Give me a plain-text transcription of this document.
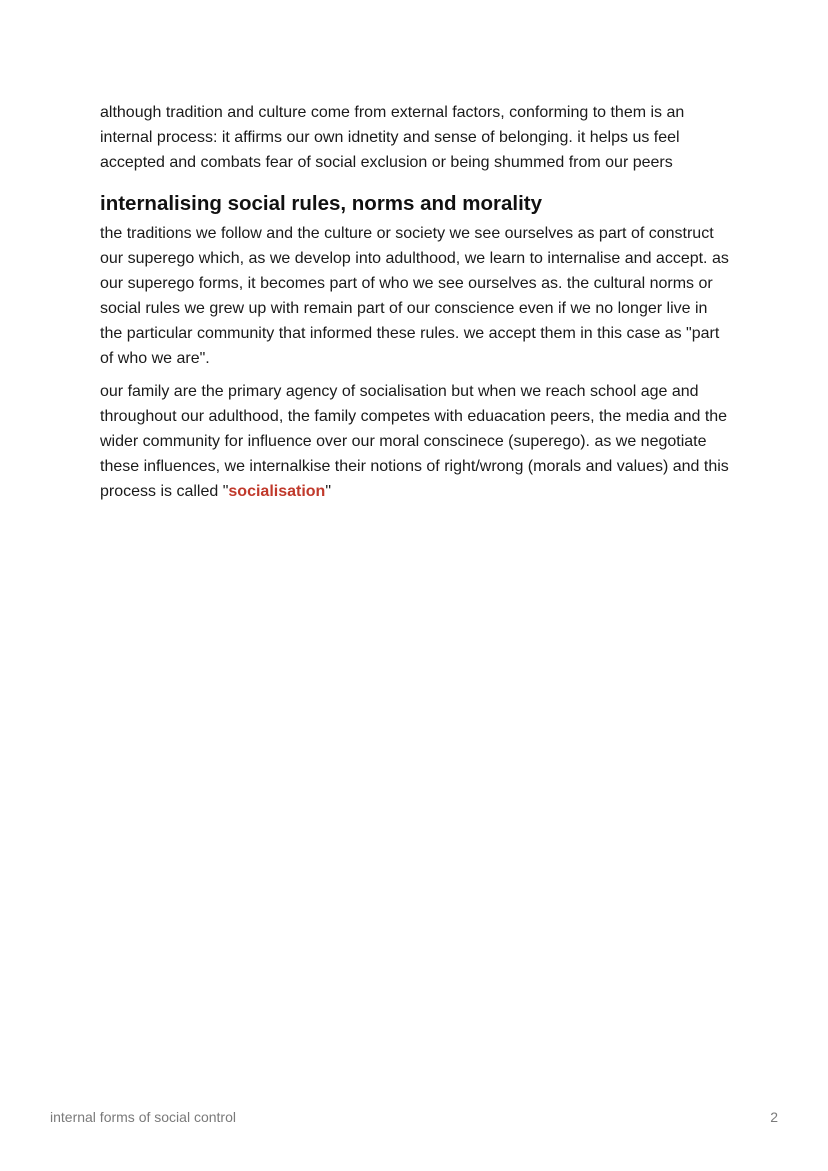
although tradition and culture come from external factors, conforming to them is an internal process: it affirms our own idnetity and sense of belonging. it helps us feel accepted and combats fear of social exclusion or being shummed from our peers

internalising social rules, norms and morality

the traditions we follow and the culture or society we see ourselves as part of construct our superego which, as we develop into adulthood, we learn to internalise and accept. as our superego forms, it becomes part of who we see ourselves as. the cultural norms or social rules we grew up with remain part of our conscience even if we no longer live in the particular community that informed these rules. we accept them in this case as "part of who we are".

our family are the primary agency of socialisation but when we reach school age and throughout our adulthood, the family competes with eduacation peers, the media and the wider community for influence over our moral conscinece (superego). as we negotiate these influences, we internalkise their notions of right/wrong (morals and values) and this process is called "socialisation"

internal forms of social control	2
